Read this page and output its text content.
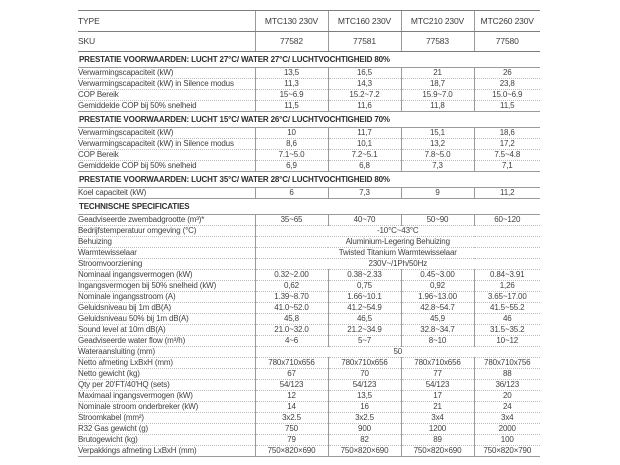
TYPE	MTC130 230V	MTC160 230V	MTC210 230V	MTC260 230V
SKU	77582	77581	77583	77580
PRESTATIE VOORWAARDEN: LUCHT 27°C/ WATER 27°C/ LUCHTVOCHTIGHEID 80%				
Verwarmingscapaciteit (kW)	13,5	16,5	21	26
Verwarmingscapaciteit (kW) in Silence modus	11,3	14,3	18,7	23,8
COP Bereik	15~6.9	15.2~7.2	15.9~7.0	15.0~6.9
Gemiddelde COP bij 50% snelheid	11,5	11,6	11,8	11,5
PRESTATIE VOORWAARDEN: LUCHT 15°C/ WATER 26°C/ LUCHTVOCHTIGHEID 70%				
Verwarmingscapaciteit (kW)	10	11,7	15,1	18,6
Verwarmingscapaciteit (kW) in Silence modus	8,6	10,1	13,2	17,2
COP Bereik	7.1~5.0	7.2~5.1	7.8~5.0	7.5~4.8
Gemiddelde COP bij 50% snelheid	6,9	6,8	7,3	7,1
PRESTATIE VOORWAARDEN: LUCHT 35°C/ WATER 28°C/ LUCHTVOCHTIGHEID 80%				
Koel capaciteit (kW)	6	7,3	9	11,2
TECHNISCHE SPECIFICATIES				
Geadviseerde zwembadgrootte (m³)*	35~65	40~70	50~90	60~120
Bedrijfstemperatuur omgeving (°C)	-10°C~43°C			
Behuizing	Aluminium-Legering Behuizing			
Warmtewisselaar	Twisted Titanium Warmtewisselaar			
Stroomvoorziening	230V~/1Ph/50Hz			
Nominaal ingangsvermogen (kW)	0.32~2.00	0.38~2.33	0.45~3.00	0.84~3.91
Ingangsvermogen bij 50% snelheid (kW)	0,62	0,75	0,92	1,26
Nominale ingangsstroom (A)	1.39~8.70	1.66~10.1	1.96~13.00	3.65~17.00
Geluidsniveau bij 1m dB(A)	41.0~52.0	41.2~54.9	42.8~54.7	41.5~55.2
Geluidsniveau 50% bij 1m dB(A)	45,8	46,5	45,9	46
Sound level at 10m dB(A)	21.0~32.0	21.2~34.9	32.8~34.7	31.5~35.2
Geadviseerde water flow (m³/h)	4~6	5~7	8~10	10~12
Wateraansluiting (mm)	50			
Netto afmeting LxBxH (mm)	780x710x656	780x710x656	780x710x656	780x710x756
Netto gewicht (kg)	67	70	77	88
Qty per 20'FT/40'HQ (sets)	54/123	54/123	54/123	36/123
Maximaal ingangsvermogen (kW)	12	13,5	17	20
Nominale stroom onderbreker (kW)	14	16	21	24
Stroomkabel (mm²)	3x2.5	3x2.5	3x4	3x4
R32 Gas gewicht (g)	750	900	1200	2000
Brutogewicht (kg)	79	82	89	100
Verpakkings afmeting LxBxH (mm)	750×820×690	750×820×690	750×820×690	750×820×790
